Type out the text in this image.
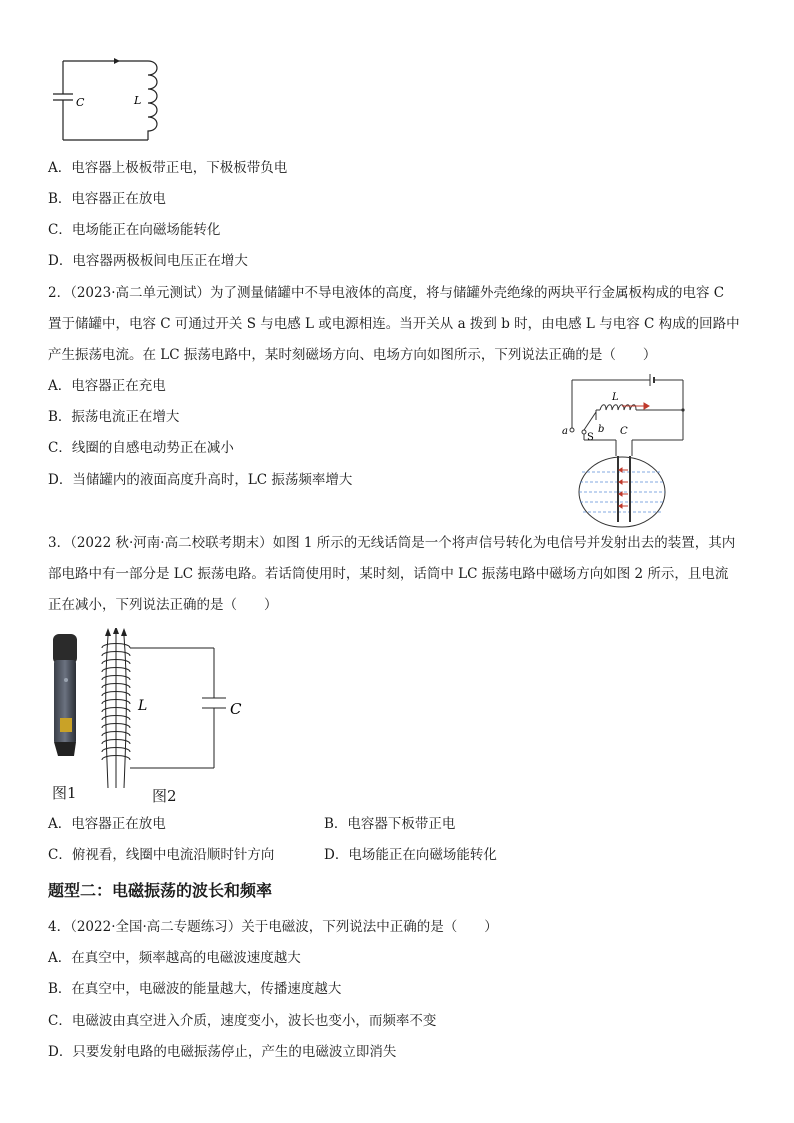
C	L
A．电容器上极板带正电，下极板带负电
B．电容器正在放电
C．电场能正在向磁场能转化
D．电容器两极板间电压正在增大
2．（2023·高二单元测试）为了测量储罐中不导电液体的高度，将与储罐外壳绝缘的两块平行金属板构成的电容 C
置于储罐中，电容 C 可通过开关 S 与电感 L 或电源相连。当开关从 a 拨到 b 时，由电感 L 与电容 C 构成的回路中
产生振荡电流。在 LC 振荡电路中，某时刻磁场方向、电场方向如图所示，下列说法正确的是（　　）
A．电容器正在充电
B．振荡电流正在增大
C．线圈的自感电动势正在减小
D．当储罐内的液面高度升高时，LC 振荡频率增大
L
a	b
S
C
3．（2022 秋·河南·高二校联考期末）如图 1 所示的无线话筒是一个将声信号转化为电信号并发射出去的装置，其内
部电路中有一部分是 LC 振荡电路。若话筒使用时，某时刻，话筒中 LC 振荡电路中磁场方向如图 2 所示，且电流
正在减小，下列说法正确的是（　　）
图1
L	C
图2
A．电容器正在放电	B．电容器下板带正电
C．俯视看，线圈中电流沿顺时针方向	D．电场能正在向磁场能转化
题型二：电磁振荡的波长和频率
4．（2022·全国·高二专题练习）关于电磁波，下列说法中正确的是（　　）
A．在真空中，频率越高的电磁波速度越大
B．在真空中，电磁波的能量越大，传播速度越大
C．电磁波由真空进入介质，速度变小，波长也变小，而频率不变
D．只要发射电路的电磁振荡停止，产生的电磁波立即消失
